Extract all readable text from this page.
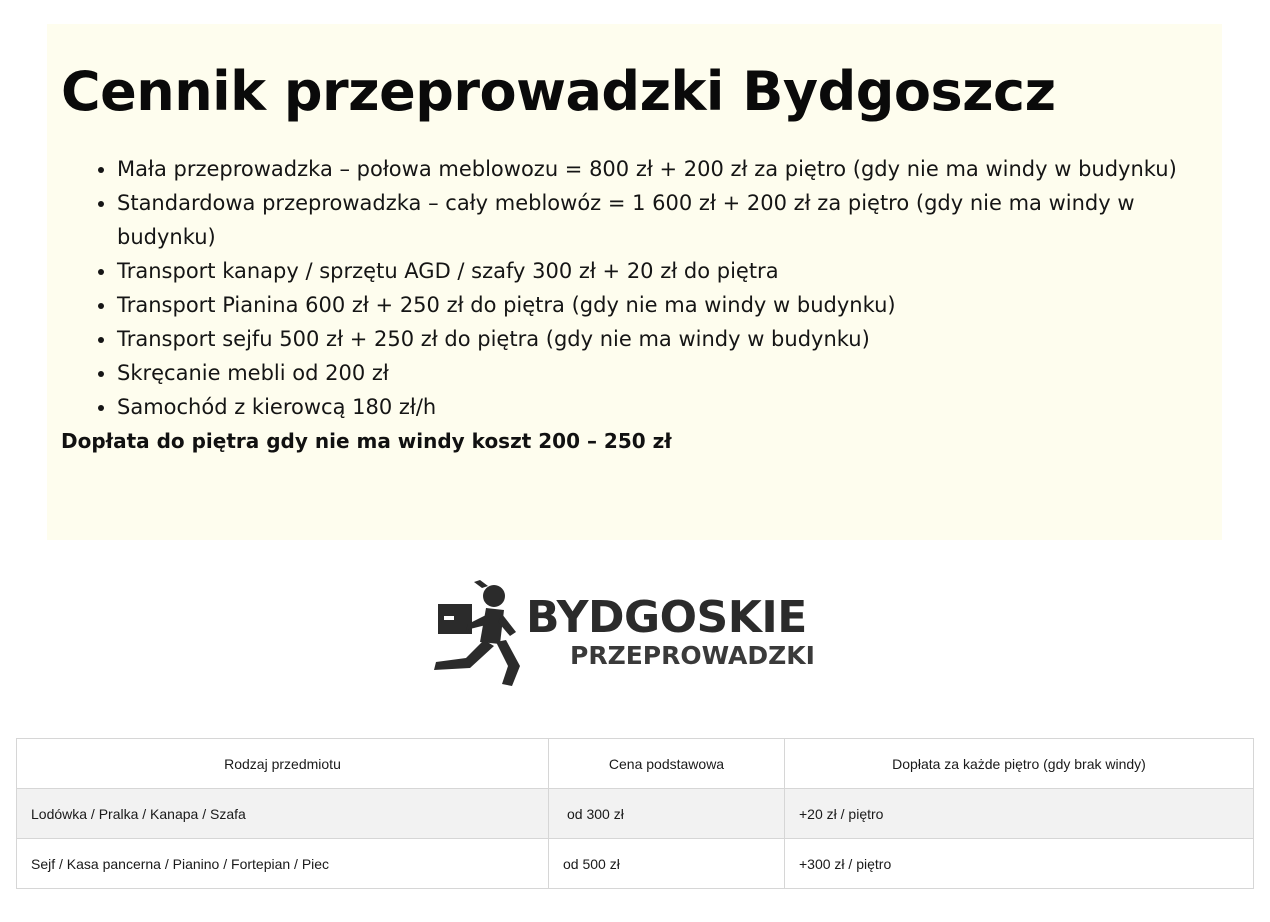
Cennik przeprowadzki Bydgoszcz
• Mała przeprowadzka – połowa meblowozu = 800 zł + 200 zł za piętro (gdy nie ma windy w budynku)
• Standardowa przeprowadzka – cały meblowóz = 1 600 zł + 200 zł za piętro (gdy nie ma windy w budynku)
• Transport kanapy / sprzętu AGD / szafy 300 zł + 20 zł do piętra
• Transport Pianina 600 zł + 250 zł do piętra (gdy nie ma windy w budynku)
• Transport sejfu 500 zł + 250 zł do piętra (gdy nie ma windy w budynku)
• Skręcanie mebli od 200 zł
• Samochód z kierowcą 180 zł/h

Dopłata do piętra gdy nie ma windy koszt 200 – 250 zł

BYDGOSKIE
PRZEPROWADZKI
Rodzaj przedmiotu	Cena podstawowa	Dopłata za każde piętro (gdy brak windy)
Lodówka / Pralka / Kanapa / Szafa	od 300 zł	+20 zł / piętro
Sejf / Kasa pancerna / Pianino / Fortepian / Piec	od 500 zł	+300 zł / piętro
